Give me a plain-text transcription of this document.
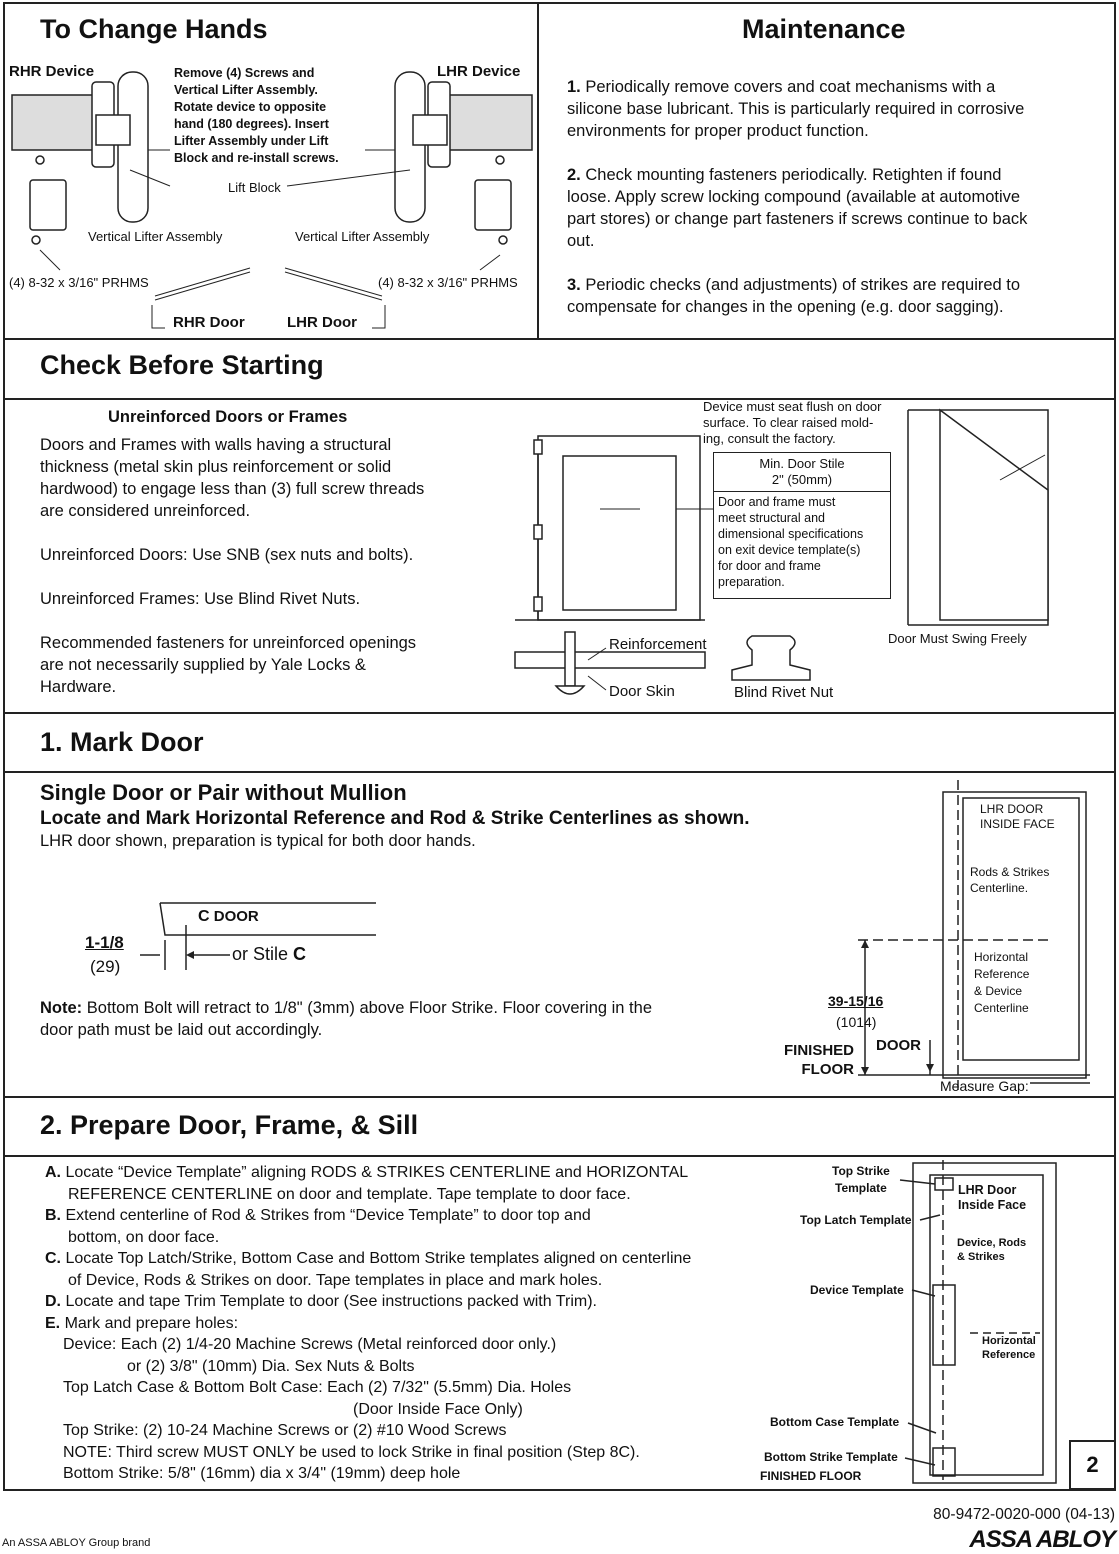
To Change Hands
RHR Device	LHR Device
Remove (4) Screws and
Vertical Lifter Assembly.
Rotate device to opposite
hand (180 degrees). Insert
Lifter Assembly under Lift
Block and re-install screws.
Lift Block
Vertical Lifter Assembly	Vertical Lifter Assembly
(4) 8-32 x 3/16" PRHMS	(4) 8-32 x 3/16" PRHMS
RHR Door	LHR Door
Maintenance
1. Periodically remove covers and coat mechanisms with a
silicone base lubricant. This is particularly required in corrosive
environments for proper product function.
2. Check mounting fasteners periodically. Retighten if found
loose. Apply screw locking compound (available at automotive
part stores) or change part fasteners if screws continue to back
out.
3. Periodic checks (and adjustments) of strikes are required to
compensate for changes in the opening (e.g. door sagging).
Check Before Starting
Unreinforced Doors or Frames
Doors and Frames with walls having a structural
thickness (metal skin plus reinforcement or solid
hardwood) to engage less than (3) full screw threads
are considered unreinforced.
Unreinforced Doors: Use SNB (sex nuts and bolts).
Unreinforced Frames: Use Blind Rivet Nuts.
Recommended fasteners for unreinforced openings
are not necessarily supplied by Yale Locks &
Hardware.
Device must seat flush on door
surface. To clear raised mold-
ing, consult the factory.
Min. Door Stile
2" (50mm)
Door and frame must
meet structural and
dimensional specifications
on exit device template(s)
for door and frame
preparation.
Reinforcement
Door Skin	Blind Rivet Nut
Door Must Swing Freely
1. Mark Door
Single Door or Pair without Mullion
Locate and Mark Horizontal Reference and Rod & Strike Centerlines as shown.
LHR door shown, preparation is typical for both door hands.
C DOOR
1-1/8
(29)
or Stile C
Note: Bottom Bolt will retract to 1/8" (3mm) above Floor Strike. Floor covering in the
door path must be laid out accordingly.
LHR DOOR
INSIDE FACE
Rods & Strikes
Centerline.
Horizontal
Reference
& Device
Centerline
39-15/16
(1014)
FINISHED
FLOOR
DOOR
Measure Gap:
2. Prepare Door, Frame, & Sill
A. Locate “Device Template” aligning RODS & STRIKES CENTERLINE and HORIZONTAL
REFERENCE CENTERLINE on door and template. Tape template to door face.
B. Extend centerline of Rod & Strikes from “Device Template” to door top and
bottom, on door face.
C. Locate Top Latch/Strike, Bottom Case and Bottom Strike templates aligned on centerline
of Device, Rods & Strikes on door. Tape templates in place and mark holes.
D. Locate and tape Trim Template to door (See instructions packed with Trim).
E. Mark and prepare holes:
Device: Each (2) 1/4-20 Machine Screws (Metal reinforced door only.)
or (2) 3/8" (10mm) Dia. Sex Nuts & Bolts
Top Latch Case & Bottom Bolt Case: Each (2) 7/32" (5.5mm) Dia. Holes
(Door Inside Face Only)
Top Strike: (2) 10-24 Machine Screws or (2) #10 Wood Screws
NOTE: Third screw MUST ONLY be used to lock Strike in final position (Step 8C).
Bottom Strike: 5/8" (16mm) dia x 3/4" (19mm) deep hole
Top Strike
Template
Top Latch Template
Device Template
Bottom Case Template
Bottom Strike Template
FINISHED FLOOR
LHR Door
Inside Face
Device, Rods
& Strikes
Horizontal
Reference
2
80-9472-0020-000 (04-13)
An ASSA ABLOY Group brand	ASSA ABLOY
